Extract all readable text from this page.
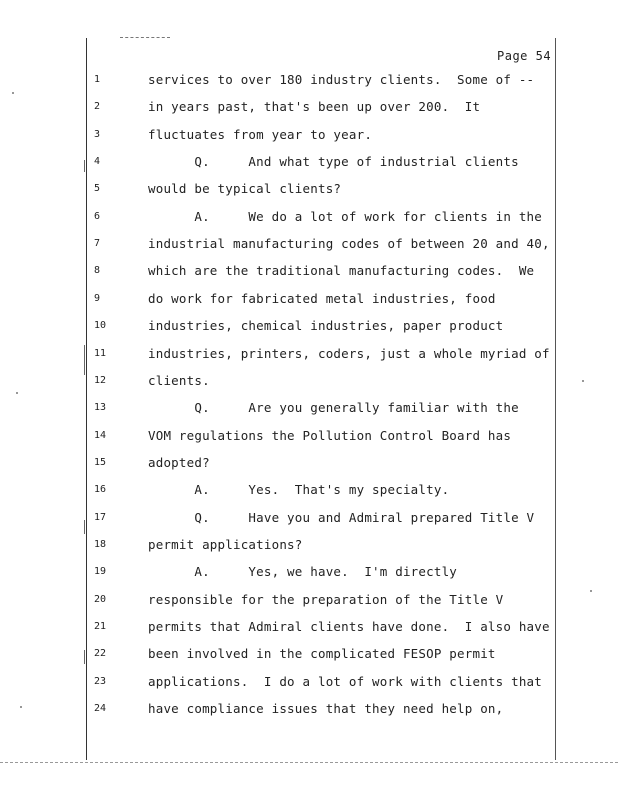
Page 54
1	services to over 180 industry clients.  Some of --
2	in years past, that's been up over 200.  It
3	fluctuates from year to year.
4	Q.     And what type of industrial clients
5	would be typical clients?
6	A.     We do a lot of work for clients in the
7	industrial manufacturing codes of between 20 and 40,
8	which are the traditional manufacturing codes.  We
9	do work for fabricated metal industries, food
10	industries, chemical industries, paper product
11	industries, printers, coders, just a whole myriad of
12	clients.
13	Q.     Are you generally familiar with the
14	VOM regulations the Pollution Control Board has
15	adopted?
16	A.     Yes.  That's my specialty.
17	Q.     Have you and Admiral prepared Title V
18	permit applications?
19	A.     Yes, we have.  I'm directly
20	responsible for the preparation of the Title V
21	permits that Admiral clients have done.  I also have
22	been involved in the complicated FESOP permit
23	applications.  I do a lot of work with clients that
24	have compliance issues that they need help on,
